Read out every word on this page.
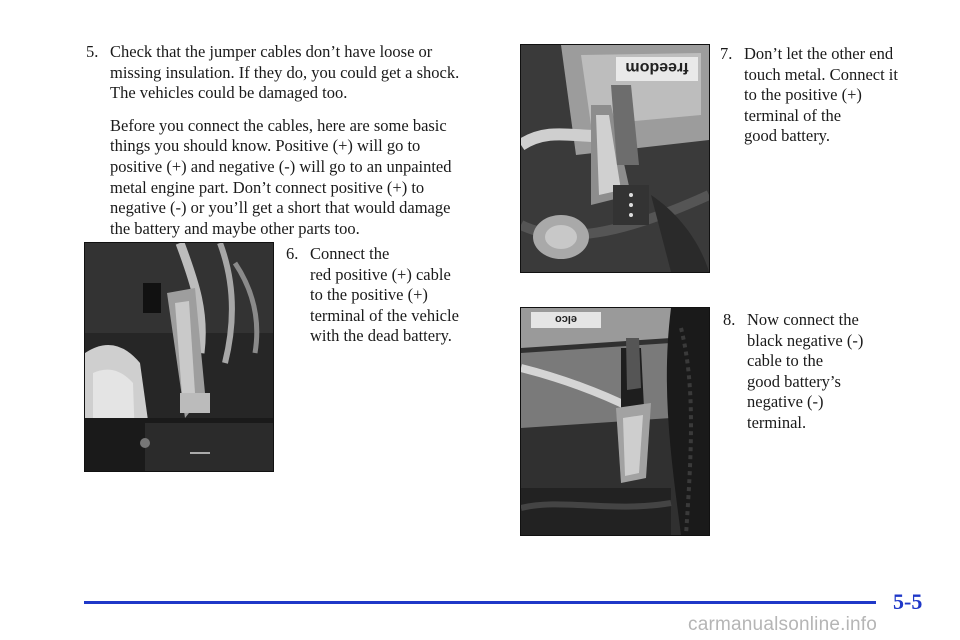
5. Check that the jumper cables don’t have loose or
missing insulation. If they do, you could get a shock.
The vehicles could be damaged too.
Before you connect the cables, here are some basic
things you should know. Positive (+) will go to
positive (+) and negative (-) will go to an unpainted
metal engine part. Don’t connect positive (+) to
negative (-) or you’ll get a short that would damage
the battery and maybe other parts too.
6. Connect the
red positive (+) cable
to the positive (+)
terminal of the vehicle
with the dead battery.
freedom
7. Don’t let the other end
touch metal. Connect it
to the positive (+)
terminal of the
good battery.
elco	8. Now connect the
black negative (-)
cable to the
good battery’s
negative (-)
terminal.
5-5
carmanualsonline.info
